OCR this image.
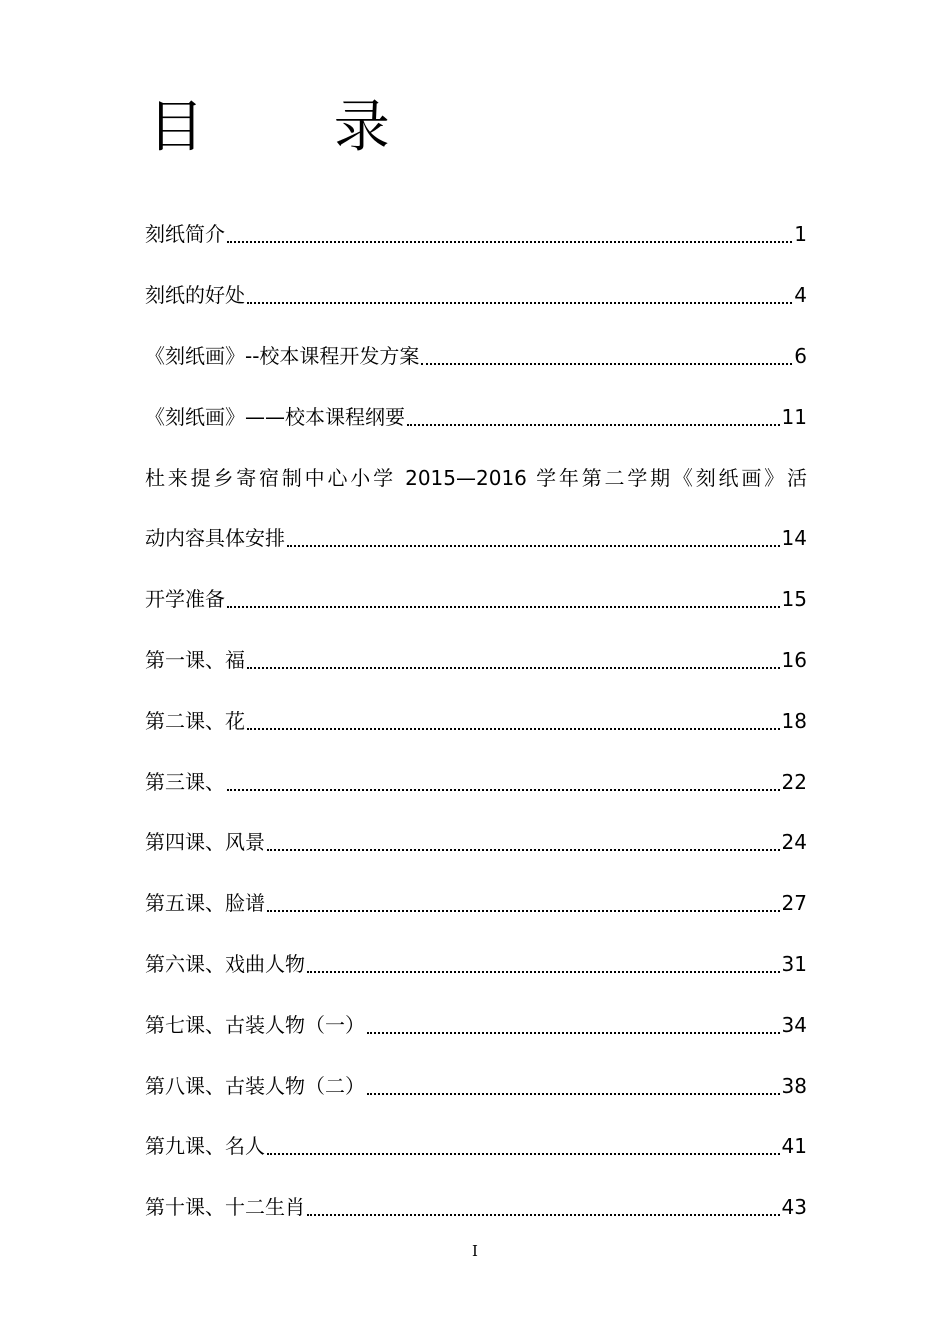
目 录
刻纸简介	1
刻纸的好处	4
《刻纸画》--校本课程开发方案	6
《刻纸画》——校本课程纲要	11
杜来提乡寄宿制中心小学 2015—2016 学年第二学期《刻纸画》活
动内容具体安排	14
开学准备	15
第一课、福	16
第二课、花	18
第三课、	22
第四课、风景	24
第五课、脸谱	27
第六课、戏曲人物	31
第七课、古装人物（一）	34
第八课、古装人物（二）	38
第九课、名人	41
第十课、十二生肖	43
I
